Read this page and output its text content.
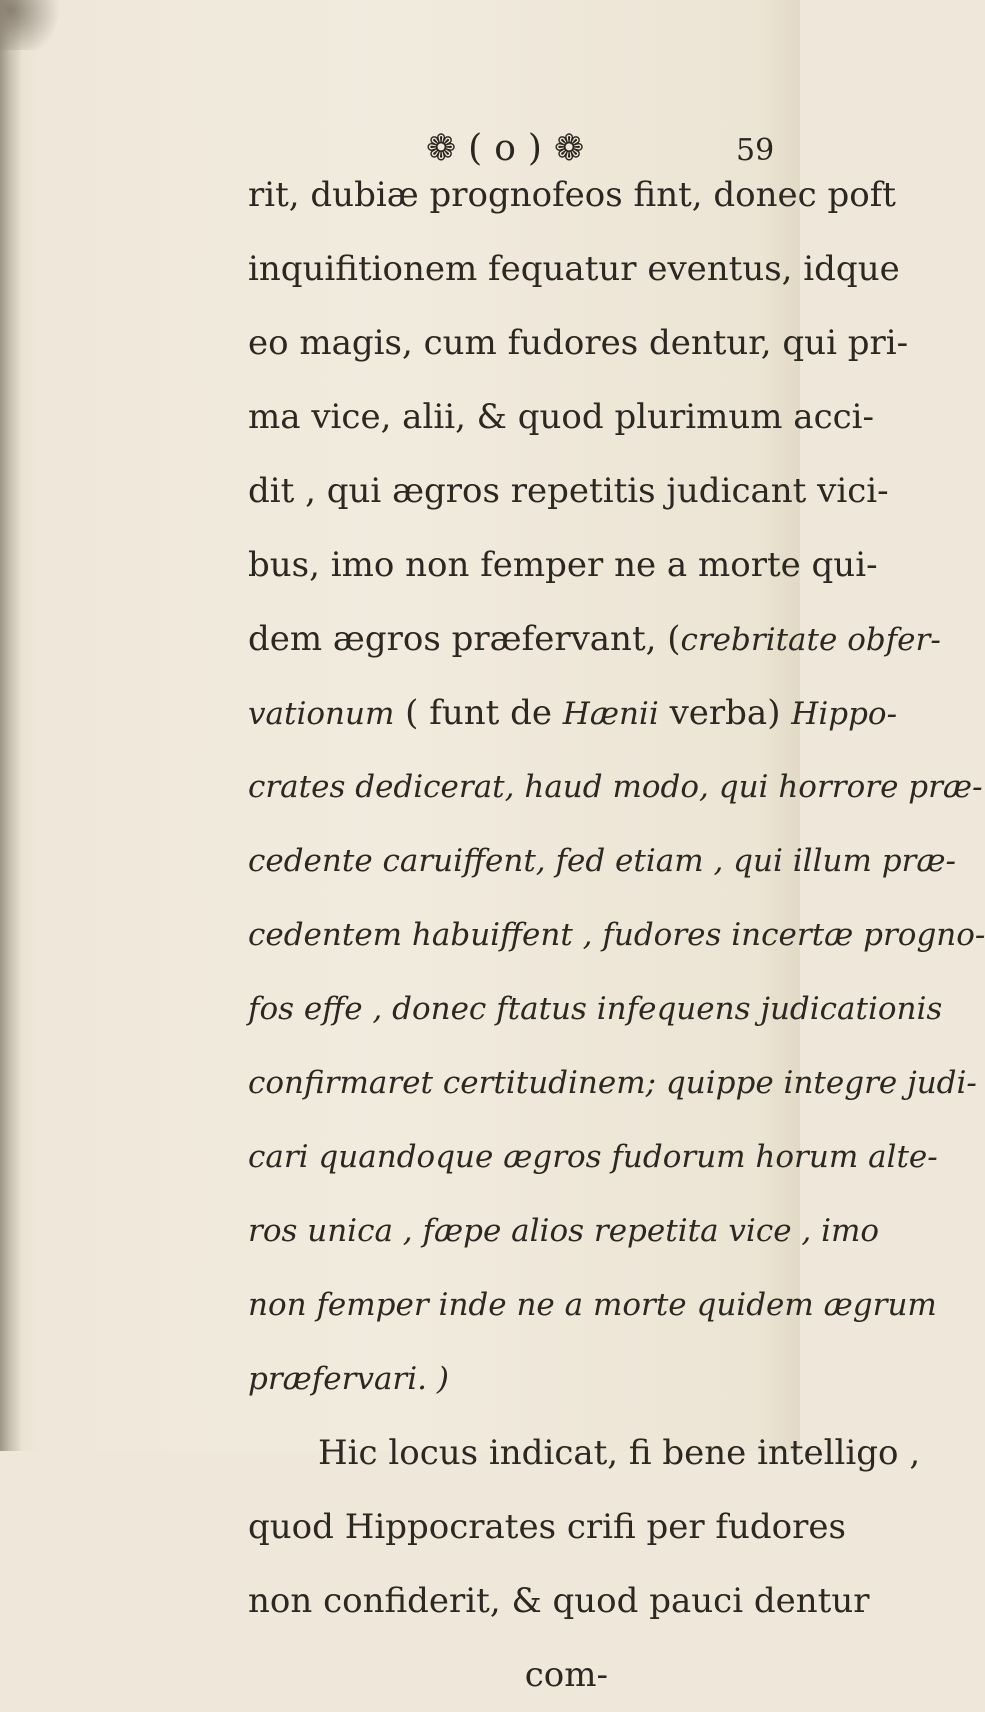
❁ ( o ) ❁	59
rit, dubiæ prognofeos fint, donec poft
inquifitionem fequatur eventus, idque
eo magis, cum fudores dentur, qui pri-
ma vice, alii, & quod plurimum acci-
dit , qui ægros repetitis judicant vici-
bus, imo non femper ne a morte qui-
dem ægros præfervant, (crebritate obfer-
vationum ( funt de Hænii verba) Hippo-
crates dedicerat, haud modo, qui horrore præ-
cedente caruiffent, fed etiam , qui illum præ-
cedentem habuiffent , fudores incertæ progno-
fos effe , donec ftatus infequens judicationis
confirmaret certitudinem; quippe integre judi-
cari quandoque ægros fudorum horum alte-
ros unica , fæpe alios repetita vice , imo
non femper inde ne a morte quidem ægrum
præfervari. )
Hic locus indicat, fi bene intelligo ,
quod Hippocrates crifi per fudores
non confiderit, & quod pauci dentur
com-
